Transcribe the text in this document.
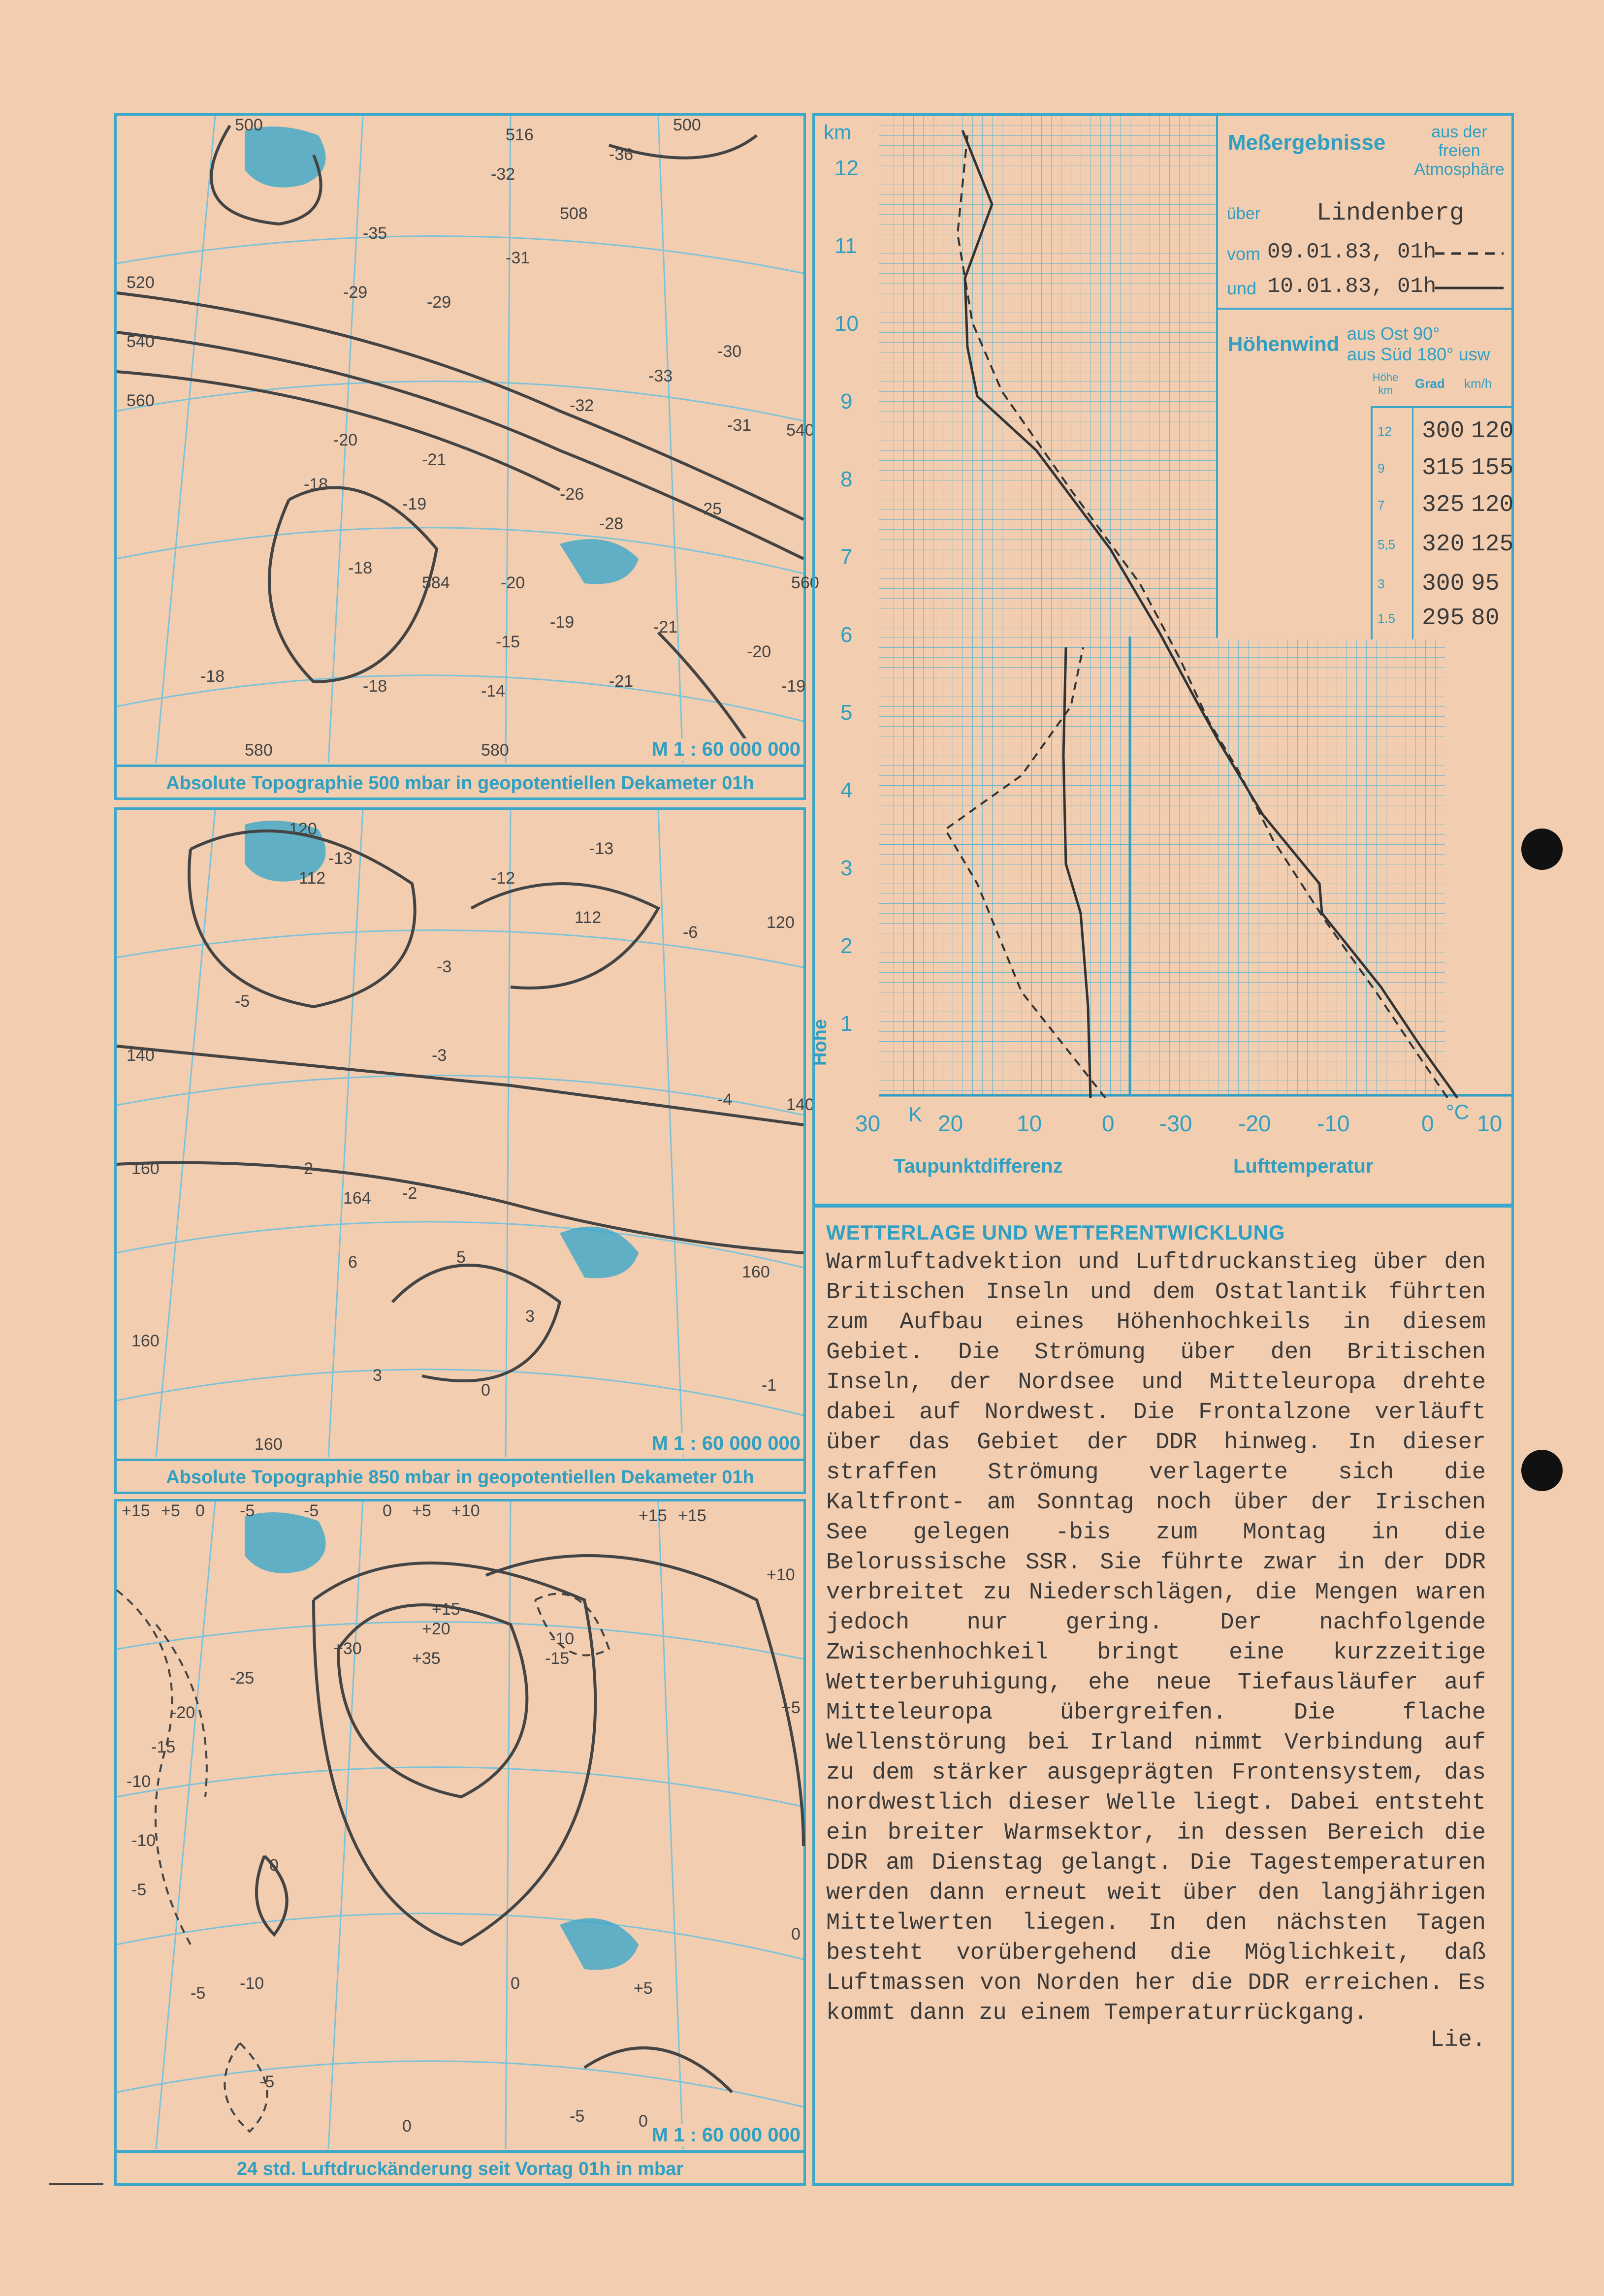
500
516
-36
500
-32
-35
-31
508
520
-29
-29
540
-30
560
-33
-32
-31
-20
-21
-18
-19
-26
-28
-25
540
-18
584	-20	560
-15
-19	-21
-18	-14
-18
-20
-19
580	580
-21
M 1 : 60 000 000
Absolute Topographie 500 mbar in geopotentiellen Dekameter 01h
120
112
-13
-12
-13
112
-6
120
-5
-3
140	-3
-4	140
2
160
164 -2
6
160
5
3
-1
160
160
3
0
M 1 : 60 000 000
Absolute Topographie 850 mbar in geopotentiellen Dekameter 01h
+15 +5 0 -5	-5	0 +5 +10	+15 +15
+10
-25
+35
+30
+20
+15
-10
-15
-20
-15
-10
-10
-5
0
+5
-5
-10
-5
0	+5
0
-5
0	0
M 1 : 60 000 000
24 std. Luftdruckänderung seit Vortag 01h in mbar
km
12
11
10
9
8
7
6
5
4
3
2
1
Höhe
30 K 20 10	0 -30 -20 -10	0 °C 10
Taupunktdifferenz	Lufttemperatur
Meßergebnisse	aus der freien Atmosphäre
über Lindenberg
vom 09.01.83, 01h
und 10.01.83, 01h
Höhenwind aus Ost 90°
aus Süd 180° usw
Höhe km	Grad km/h
12 300 120
9 315 155
7 325 120
5,5 320 125
3 300 95
1.5 295 80
WETTERLAGE UND WETTERENTWICKLUNG

Warmluftadvektion und Luftdruckanstieg über den Britischen Inseln und dem Ostatlantik führten zum Aufbau eines Höhenhochkeils in diesem Gebiet. Die Strömung über den Britischen Inseln, der Nordsee und Mitteleuropa drehte dabei auf Nordwest. Die Frontalzone verläuft über das Gebiet der DDR hinweg. In dieser straffen Strömung verlagerte sich die Kaltfront- am Sonntag noch über der Irischen See gelegen -bis zum Montag in die Belorussische SSR. Sie führte zwar in der DDR verbreitet zu Niederschlägen, die Mengen waren jedoch nur gering. Der nachfolgende Zwischenhochkeil bringt eine kurzzeitige Wetterberuhigung, ehe neue Tiefausläufer auf Mitteleuropa übergreifen. Die flache Wellenstörung bei Irland nimmt Verbindung auf zu dem stärker ausgeprägten Frontensystem, das nordwestlich dieser Welle liegt. Dabei entsteht ein breiter Warmsektor, in dessen Bereich die DDR am Dienstag gelangt. Die Tagestemperaturen werden dann erneut weit über den langjährigen Mittelwerten liegen. In den nächsten Tagen besteht vorübergehend die Möglichkeit, daß Luftmassen von Norden her die DDR erreichen. Es kommt dann zu einem Temperaturrückgang.

Lie.
